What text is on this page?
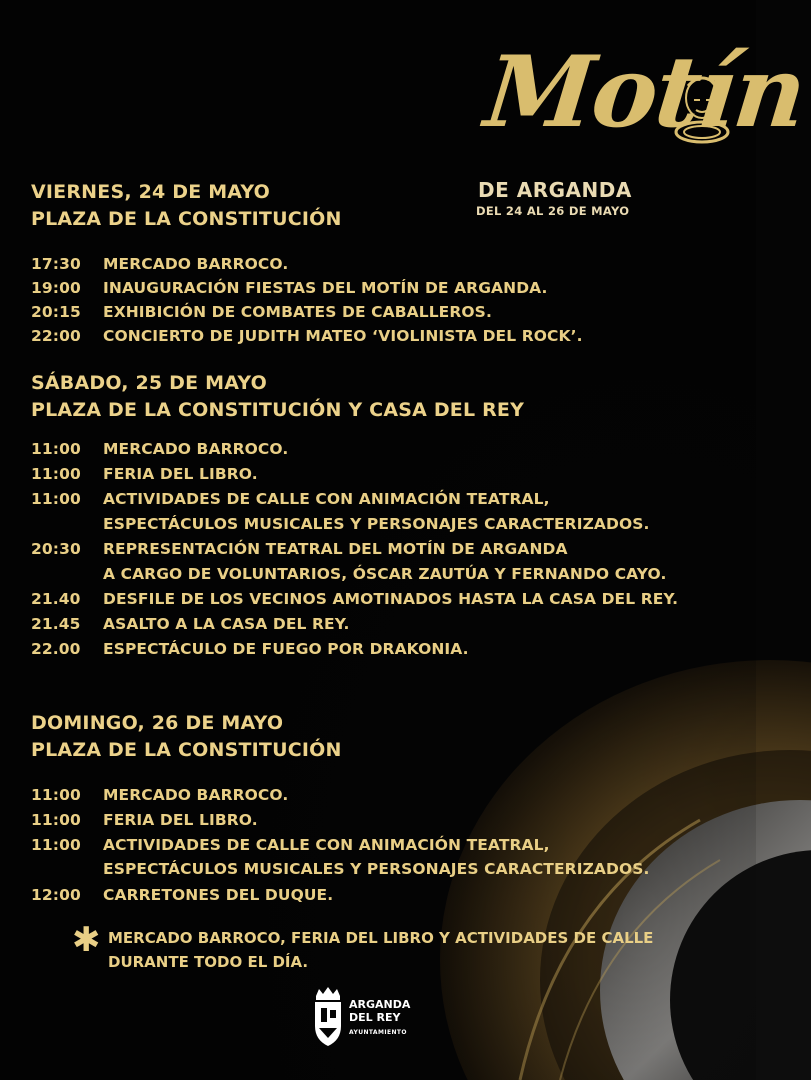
Motín
DE ARGANDA
DEL 24 AL 26 DE MAYO
VIERNES, 24 DE MAYO
PLAZA DE LA CONSTITUCIÓN
17:30	MERCADO BARROCO.
19:00	INAUGURACIÓN FIESTAS DEL MOTÍN DE ARGANDA.
20:15	EXHIBICIÓN DE COMBATES DE CABALLEROS.
22:00	CONCIERTO DE JUDITH MATEO ‘VIOLINISTA DEL ROCK’.
SÁBADO, 25 DE MAYO
PLAZA DE LA CONSTITUCIÓN Y CASA DEL REY
11:00	MERCADO BARROCO.
11:00	FERIA DEL LIBRO.
11:00	ACTIVIDADES DE CALLE CON ANIMACIÓN TEATRAL,
ESPECTÁCULOS MUSICALES Y PERSONAJES CARACTERIZADOS.
20:30	REPRESENTACIÓN TEATRAL DEL MOTÍN DE ARGANDA
A CARGO DE VOLUNTARIOS, ÓSCAR ZAUTÚA Y FERNANDO CAYO.
21.40	DESFILE DE LOS VECINOS AMOTINADOS HASTA LA CASA DEL REY.
21.45	ASALTO A LA CASA DEL REY.
22.00	ESPECTÁCULO DE FUEGO POR DRAKONIA.
DOMINGO, 26 DE MAYO
PLAZA DE LA CONSTITUCIÓN
11:00	MERCADO BARROCO.
11:00	FERIA DEL LIBRO.
11:00	ACTIVIDADES DE CALLE CON ANIMACIÓN TEATRAL,
ESPECTÁCULOS MUSICALES Y PERSONAJES CARACTERIZADOS.
12:00	CARRETONES DEL DUQUE.
✱ MERCADO BARROCO, FERIA DEL LIBRO Y ACTIVIDADES DE CALLE
DURANTE TODO EL DÍA.
ARGANDA
DEL REY
AYUNTAMIENTO
